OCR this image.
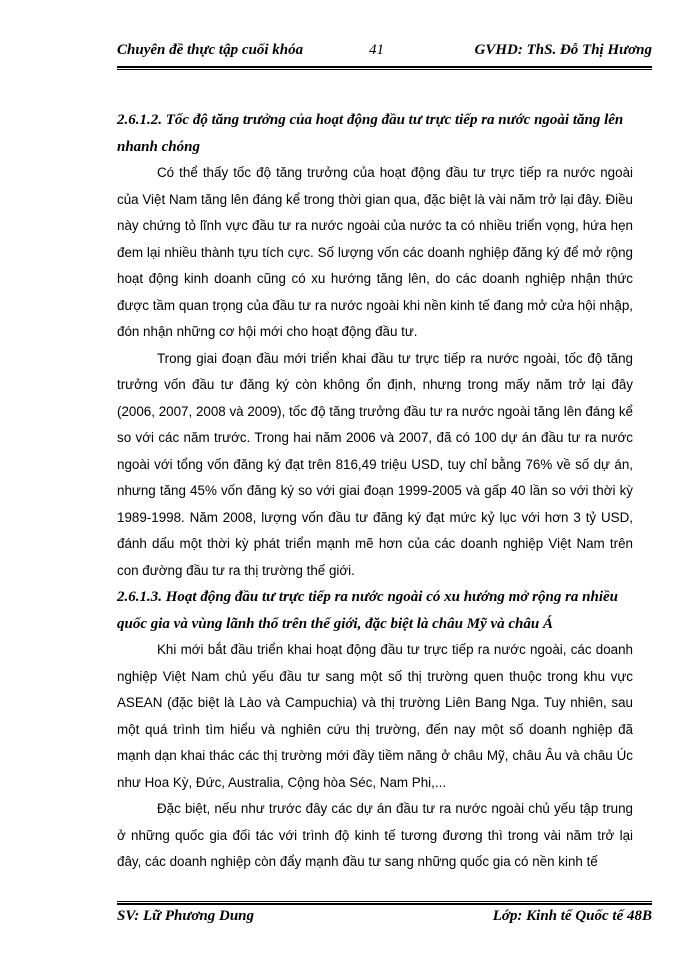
Chuyên đề thực tập cuối khóa	41	GVHD: ThS. Đỗ Thị Hương
2.6.1.2. Tốc độ tăng trưởng của hoạt động đầu tư trực tiếp ra nước ngoài tăng lên nhanh chóng

Có thể thấy tốc độ tăng trưởng của hoạt động đầu tư trực tiếp ra nước ngoài của Việt Nam tăng lên đáng kể trong thời gian qua, đặc biệt là vài năm trở lại đây. Điều này chứng tỏ lĩnh vực đầu tư ra nước ngoài của nước ta có nhiều triển vọng, hứa hẹn đem lại nhiều thành tựu tích cực. Số lượng vốn các doanh nghiệp đăng ký để mở rộng hoạt động kinh doanh cũng có xu hướng tăng lên, do các doanh nghiệp nhận thức được tầm quan trọng của đầu tư ra nước ngoài khi nền kinh tế đang mở cửa hội nhập, đón nhận những cơ hội mới cho hoạt động đầu tư.

Trong giai đoạn đầu mới triển khai đầu tư trực tiếp ra nước ngoài, tốc độ tăng trưởng vốn đầu tư đăng ký còn không ổn định, nhưng trong mấy năm trở lại đây (2006, 2007, 2008 và 2009), tốc độ tăng trưởng đầu tư ra nước ngoài tăng lên đáng kể so với các năm trước. Trong hai năm 2006 và 2007, đã có 100 dự án đầu tư ra nước ngoài với tổng vốn đăng ký đạt trên 816,49 triệu USD, tuy chỉ bằng 76% về số dự án, nhưng tăng 45% vốn đăng ký so với giai đoạn 1999-2005 và gấp 40 lần so với thời kỳ 1989-1998. Năm 2008, lượng vốn đầu tư đăng ký đạt mức kỷ lục với hơn 3 tỷ USD, đánh dấu một thời kỳ phát triển mạnh mẽ hơn của các doanh nghiệp Việt Nam trên con đường đầu tư ra thị trường thế giới.

2.6.1.3. Hoạt động đầu tư trực tiếp ra nước ngoài có xu hướng mở rộng ra nhiều quốc gia và vùng lãnh thổ trên thế giới, đặc biệt là châu Mỹ và châu Á

Khi mới bắt đầu triển khai hoạt động đầu tư trực tiếp ra nước ngoài, các doanh nghiệp Việt Nam chủ yếu đầu tư sang một số thị trường quen thuộc trong khu vực ASEAN (đặc biệt là Lào và Campuchia) và thị trường Liên Bang Nga. Tuy nhiên, sau một quá trình tìm hiểu và nghiên cứu thị trường, đến nay một số doanh nghiệp đã mạnh dạn khai thác các thị trường mới đầy tiềm năng ở châu Mỹ, châu Âu và châu Úc như Hoa Kỳ, Đức, Australia, Cộng hòa Séc, Nam Phi,...

Đặc biệt, nếu như trước đây các dự án đầu tư ra nước ngoài chủ yếu tập trung ở những quốc gia đối tác với trình độ kinh tế tương đương thì trong vài năm trở lại đây, các doanh nghiệp còn đẩy mạnh đầu tư sang những quốc gia có nền kinh tế

SV: Lữ Phương Dung	Lớp: Kinh tế Quốc tế 48B
